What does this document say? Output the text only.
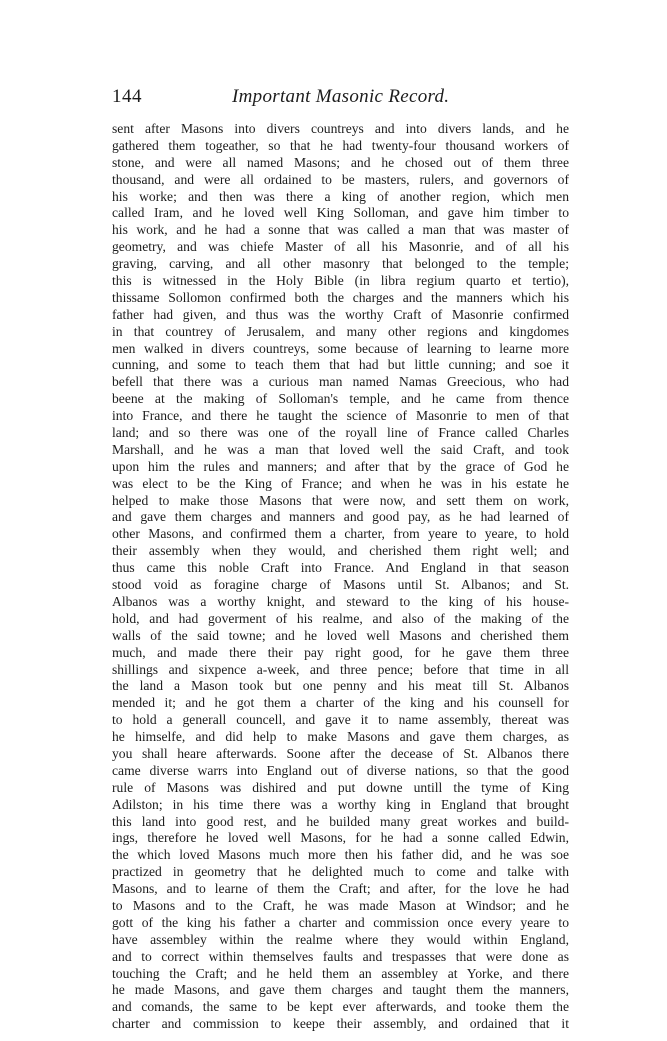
144	Important Masonic Record.
sent after Masons into divers countreys and into divers lands, and he
gathered them togeather, so that he had twenty-four thousand workers of
stone, and were all named Masons; and he chosed out of them three
thousand, and were all ordained to be masters, rulers, and governors of
his worke; and then was there a king of another region, which men
called Iram, and he loved well King Solloman, and gave him timber to
his work, and he had a sonne that was called a man that was master of
geometry, and was chiefe Master of all his Masonrie, and of all his
graving, carving, and all other masonry that belonged to the temple;
this is witnessed in the Holy Bible (in libra regium quarto et tertio),
thissame Sollomon confirmed both the charges and the manners which his
father had given, and thus was the worthy Craft of Masonrie confirmed
in that countrey of Jerusalem, and many other regions and kingdomes
men walked in divers countreys, some because of learning to learne more
cunning, and some to teach them that had but little cunning; and soe it
befell that there was a curious man named Namas Greecious, who had
beene at the making of Solloman's temple, and he came from thence
into France, and there he taught the science of Masonrie to men of that
land; and so there was one of the royall line of France called Charles
Marshall, and he was a man that loved well the said Craft, and took
upon him the rules and manners; and after that by the grace of God he
was elect to be the King of France; and when he was in his estate he
helped to make those Masons that were now, and sett them on work,
and gave them charges and manners and good pay, as he had learned of
other Masons, and confirmed them a charter, from yeare to yeare, to hold
their assembly when they would, and cherished them right well; and
thus came this noble Craft into France. And England in that season
stood void as foragine charge of Masons until St. Albanos; and St.
Albanos was a worthy knight, and steward to the king of his house-
hold, and had goverment of his realme, and also of the making of the
walls of the said towne; and he loved well Masons and cherished them
much, and made there their pay right good, for he gave them three
shillings and sixpence a-week, and three pence; before that time in all
the land a Mason took but one penny and his meat till St. Albanos
mended it; and he got them a charter of the king and his counsell for
to hold a generall councell, and gave it to name assembly, thereat was
he himselfe, and did help to make Masons and gave them charges, as
you shall heare afterwards. Soone after the decease of St. Albanos there
came diverse warrs into England out of diverse nations, so that the good
rule of Masons was dishired and put downe untill the tyme of King
Adilston; in his time there was a worthy king in England that brought
this land into good rest, and he builded many great workes and build-
ings, therefore he loved well Masons, for he had a sonne called Edwin,
the which loved Masons much more then his father did, and he was soe
practized in geometry that he delighted much to come and talke with
Masons, and to learne of them the Craft; and after, for the love he had
to Masons and to the Craft, he was made Mason at Windsor; and he
gott of the king his father a charter and commission once every yeare to
have assembley within the realme where they would within England,
and to correct within themselves faults and trespasses that were done as
touching the Craft; and he held them an assembley at Yorke, and there
he made Masons, and gave them charges and taught them the manners,
and comands, the same to be kept ever afterwards, and tooke them the
charter and commission to keepe their assembly, and ordained that it
